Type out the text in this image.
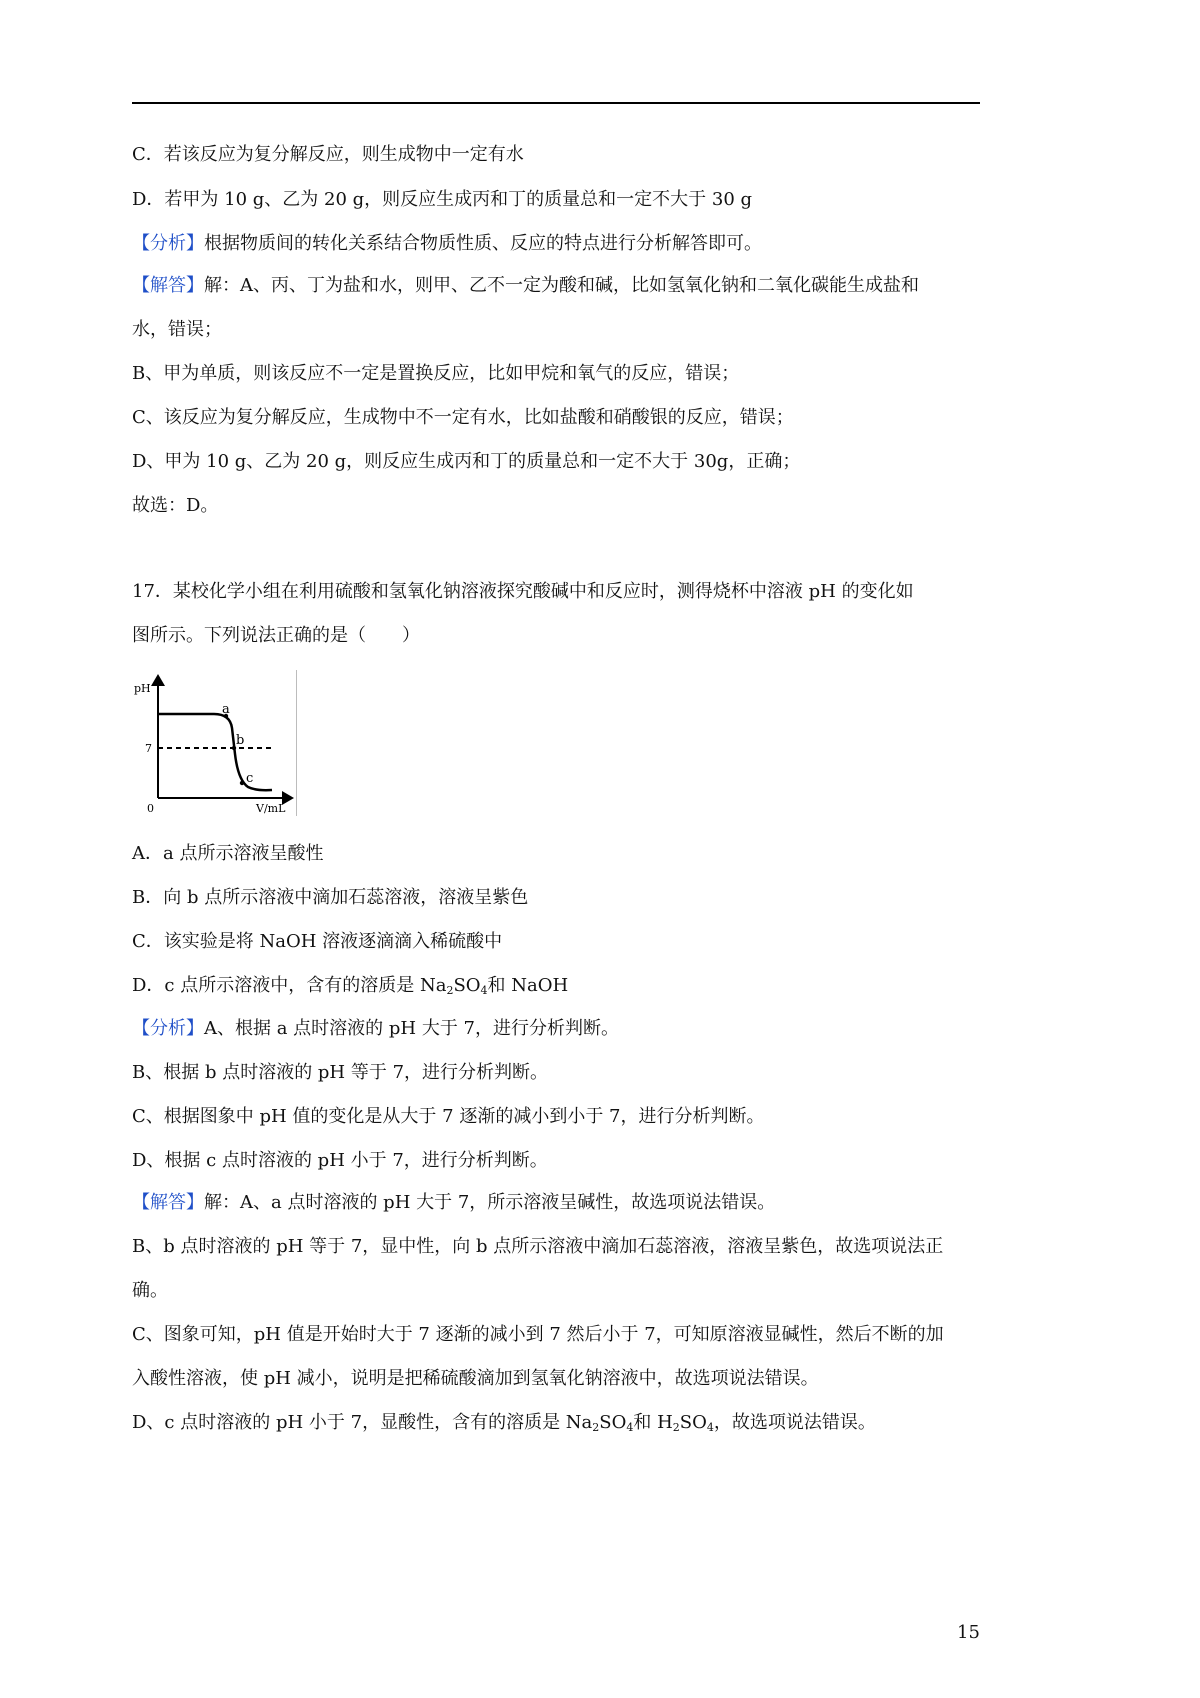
C．若该反应为复分解反应，则生成物中一定有水
D．若甲为 10 g、乙为 20 g，则反应生成丙和丁的质量总和一定不大于 30 g
【分析】根据物质间的转化关系结合物质性质、反应的特点进行分析解答即可。
【解答】解：A、丙、丁为盐和水，则甲、乙不一定为酸和碱，比如氢氧化钠和二氧化碳能生成盐和
水，错误；
B、甲为单质，则该反应不一定是置换反应，比如甲烷和氧气的反应，错误；
C、该反应为复分解反应，生成物中不一定有水，比如盐酸和硝酸银的反应，错误；
D、甲为 10 g、乙为 20 g，则反应生成丙和丁的质量总和一定不大于 30g，正确；
故选：D。
17．某校化学小组在利用硫酸和氢氧化钠溶液探究酸碱中和反应时，测得烧杯中溶液 pH 的变化如
图所示。下列说法正确的是（　　）
pH
7
0	V/mL
a
b
c
A．a 点所示溶液呈酸性
B．向 b 点所示溶液中滴加石蕊溶液，溶液呈紫色
C．该实验是将 NaOH 溶液逐滴滴入稀硫酸中
D．c 点所示溶液中，含有的溶质是 $Na_2SO_4$和 NaOH
【分析】A、根据 a 点时溶液的 pH 大于 7，进行分析判断。
B、根据 b 点时溶液的 pH 等于 7，进行分析判断。
C、根据图象中 pH 值的变化是从大于 7 逐渐的减小到小于 7，进行分析判断。
D、根据 c 点时溶液的 pH 小于 7，进行分析判断。
【解答】解：A、a 点时溶液的 pH 大于 7，所示溶液呈碱性，故选项说法错误。
B、b 点时溶液的 pH 等于 7，显中性，向 b 点所示溶液中滴加石蕊溶液，溶液呈紫色，故选项说法正
确。
C、图象可知，pH 值是开始时大于 7 逐渐的减小到 7 然后小于 7，可知原溶液显碱性，然后不断的加
入酸性溶液，使 pH 减小，说明是把稀硫酸滴加到氢氧化钠溶液中，故选项说法错误。
D、c 点时溶液的 pH 小于 7，显酸性，含有的溶质是 $Na_2SO_4$和 $H_2SO_4$，故选项说法错误。
15
